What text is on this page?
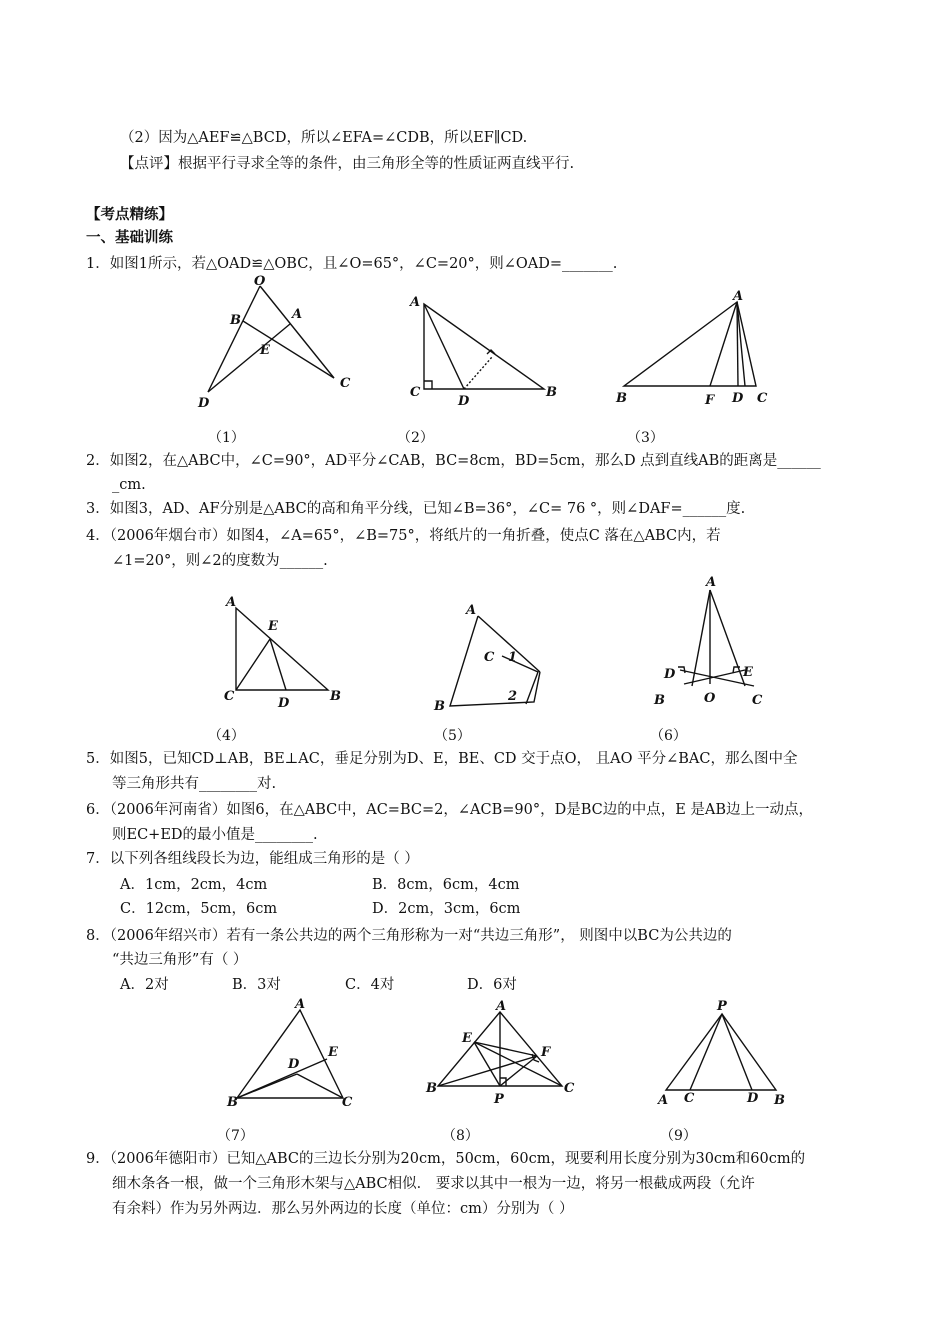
（2）因为△AEF≌△BCD，所以∠EFA=∠CDB，所以EF∥CD.
【点评】根据平行寻求全等的条件，由三角形全等的性质证两直线平行.
【考点精练】
一、基础训练
1．如图1所示，若△OAD≌△OBC，且∠O=65°，∠C=20°，则∠OAD=_______.
O
B	A
E
D
C
A
C
D
B
A
B	F D C
（1）	（2）	（3）
2．如图2，在△ABC中，∠C=90°，AD平分∠CAB，BC=8cm，BD=5cm，那么D 点到直线AB的距离是______
_cm.
3．如图3，AD、AF分别是△ABC的高和角平分线，已知∠B=36°，∠C= 76 °，则∠DAF=______度.
4．（2006年烟台市）如图4，∠A=65°，∠B=75°，将纸片的一角折叠，使点C 落在△ABC内，若
∠1=20°，则∠2的度数为______.
A
E
C	D	B
A
C 1
2
B
A
D	E
B	O	C
（4）	（5）	（6）
5．如图5，已知CD⊥AB，BE⊥AC，垂足分别为D、E，BE、CD 交于点O， 且AO 平分∠BAC，那么图中全
等三角形共有________对.
6．（2006年河南省）如图6，在△ABC中，AC=BC=2，∠ACB=90°，D是BC边的中点，E 是AB边上一动点，
则EC+ED的最小值是________.
7．以下列各组线段长为边，能组成三角形的是（ ）
A．1cm，2cm，4cm	B．8cm，6cm，4cm
C．12cm，5cm，6cm	D．2cm，3cm，6cm
8．（2006年绍兴市）若有一条公共边的两个三角形称为一对“共边三角形”， 则图中以BC为公共边的
“共边三角形”有（ ）
A．2对	B．3对	C．4对	D．6对
A
D
E
B	C
A
E
F
B
P
C
P
A C	D B
（7）	（8）	（9）
9．（2006年德阳市）已知△ABC的三边长分别为20cm，50cm，60cm，现要利用长度分别为30cm和60cm的
细木条各一根，做一个三角形木架与△ABC相似． 要求以其中一根为一边，将另一根截成两段（允许
有余料）作为另外两边．那么另外两边的长度（单位：cm）分别为（ ）
